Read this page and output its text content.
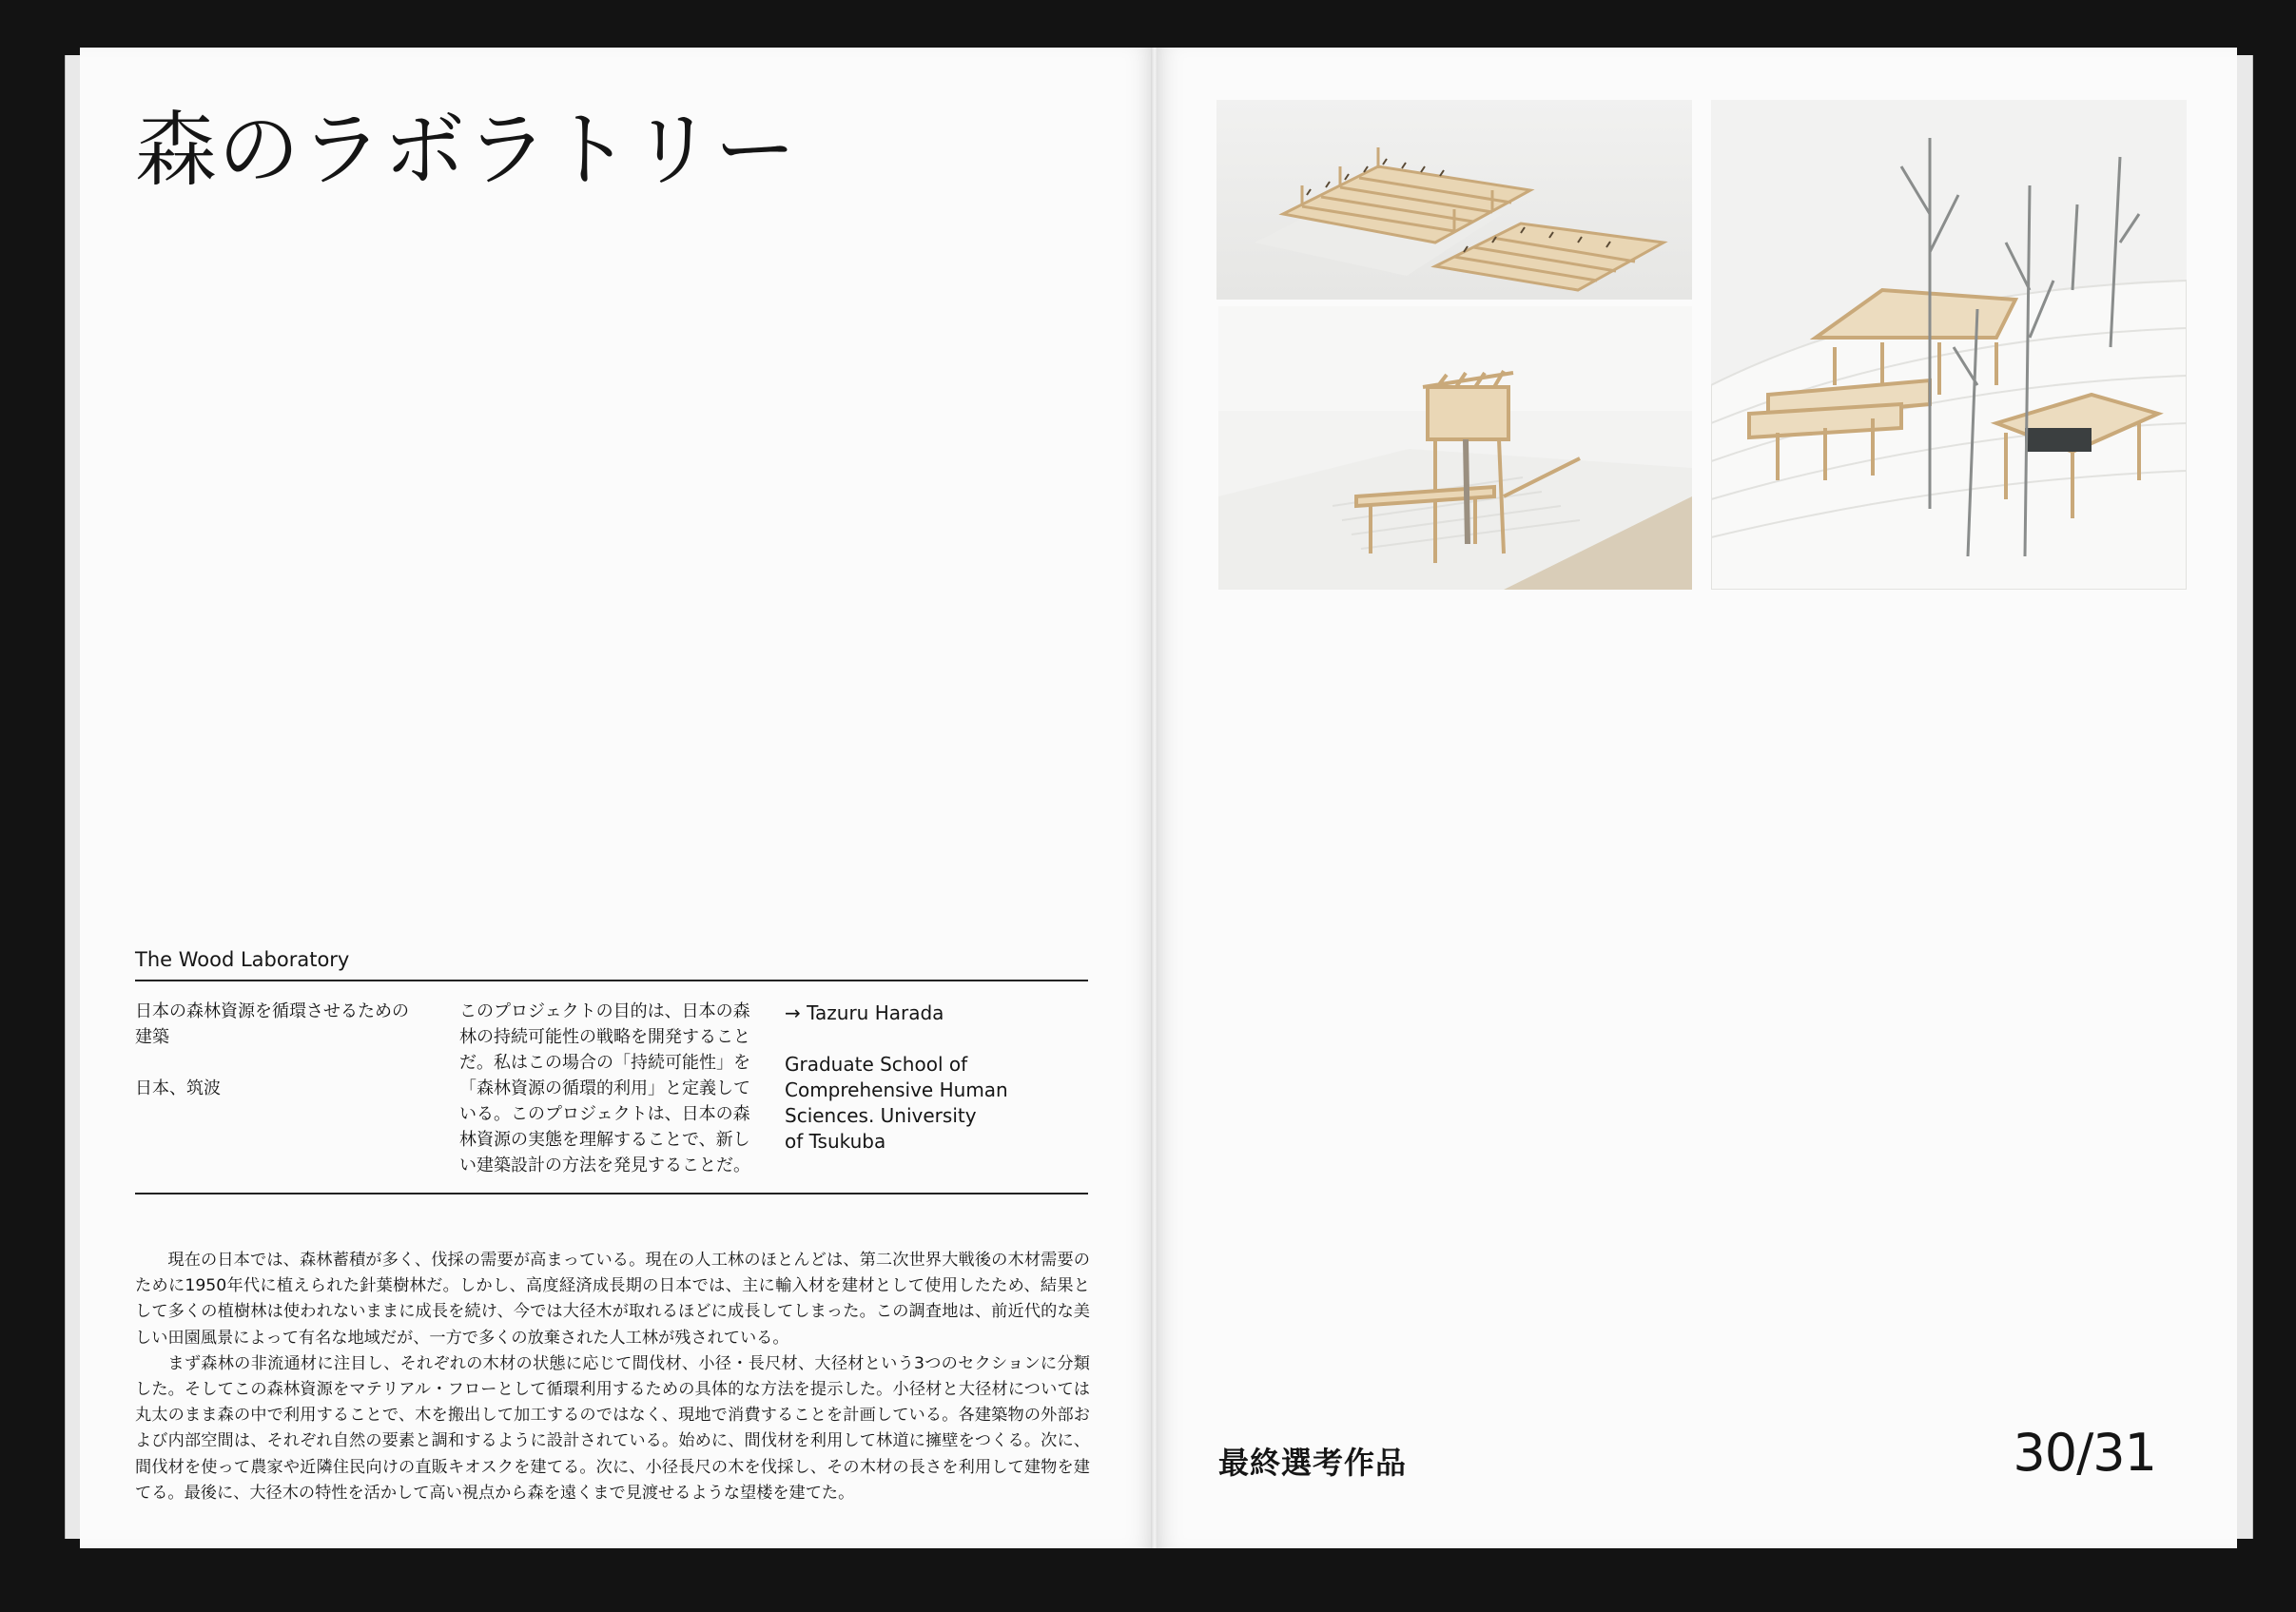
森のラボラトリー
The Wood Laboratory

日本の森林資源を循環させるための

建築

日本、筑波

このプロジェクトの目的は、日本の森

林の持続可能性の戦略を開発すること

だ。私はこの場合の「持続可能性」を

「森林資源の循環的利用」と定義して

いる。このプロジェクトは、日本の森

林資源の実態を理解することで、新し

い建築設計の方法を発見することだ。

→ Tazuru Harada

Graduate School of

Comprehensive Human

Sciences. University

of Tsukuba

現在の日本では、森林蓄積が多く、伐採の需要が高まっている。現在の人工林のほとんどは、第二次世界大戦後の木材需要のために1950年代に植えられた針葉樹林だ。しかし、高度経済成長期の日本では、主に輸入材を建材として使用したため、結果として多くの植樹林は使われないままに成長を続け、今では大径木が取れるほどに成長してしまった。この調査地は、前近代的な美しい田園風景によって有名な地域だが、一方で多くの放棄された人工林が残されている。

まず森林の非流通材に注目し、それぞれの木材の状態に応じて間伐材、小径・長尺材、大径材という3つのセクションに分類した。そしてこの森林資源をマテリアル・フローとして循環利用するための具体的な方法を提示した。小径材と大径材については丸太のまま森の中で利用することで、木を搬出して加工するのではなく、現地で消費することを計画している。各建築物の外部および内部空間は、それぞれ自然の要素と調和するように設計されている。始めに、間伐材を利用して林道に擁壁をつくる。次に、間伐材を使って農家や近隣住民向けの直販キオスクを建てる。次に、小径長尺の木を伐採し、その木材の長さを利用して建物を建てる。最後に、大径木の特性を活かして高い視点から森を遠くまで見渡せるような望楼を建てた。

最終選考作品	30/31
